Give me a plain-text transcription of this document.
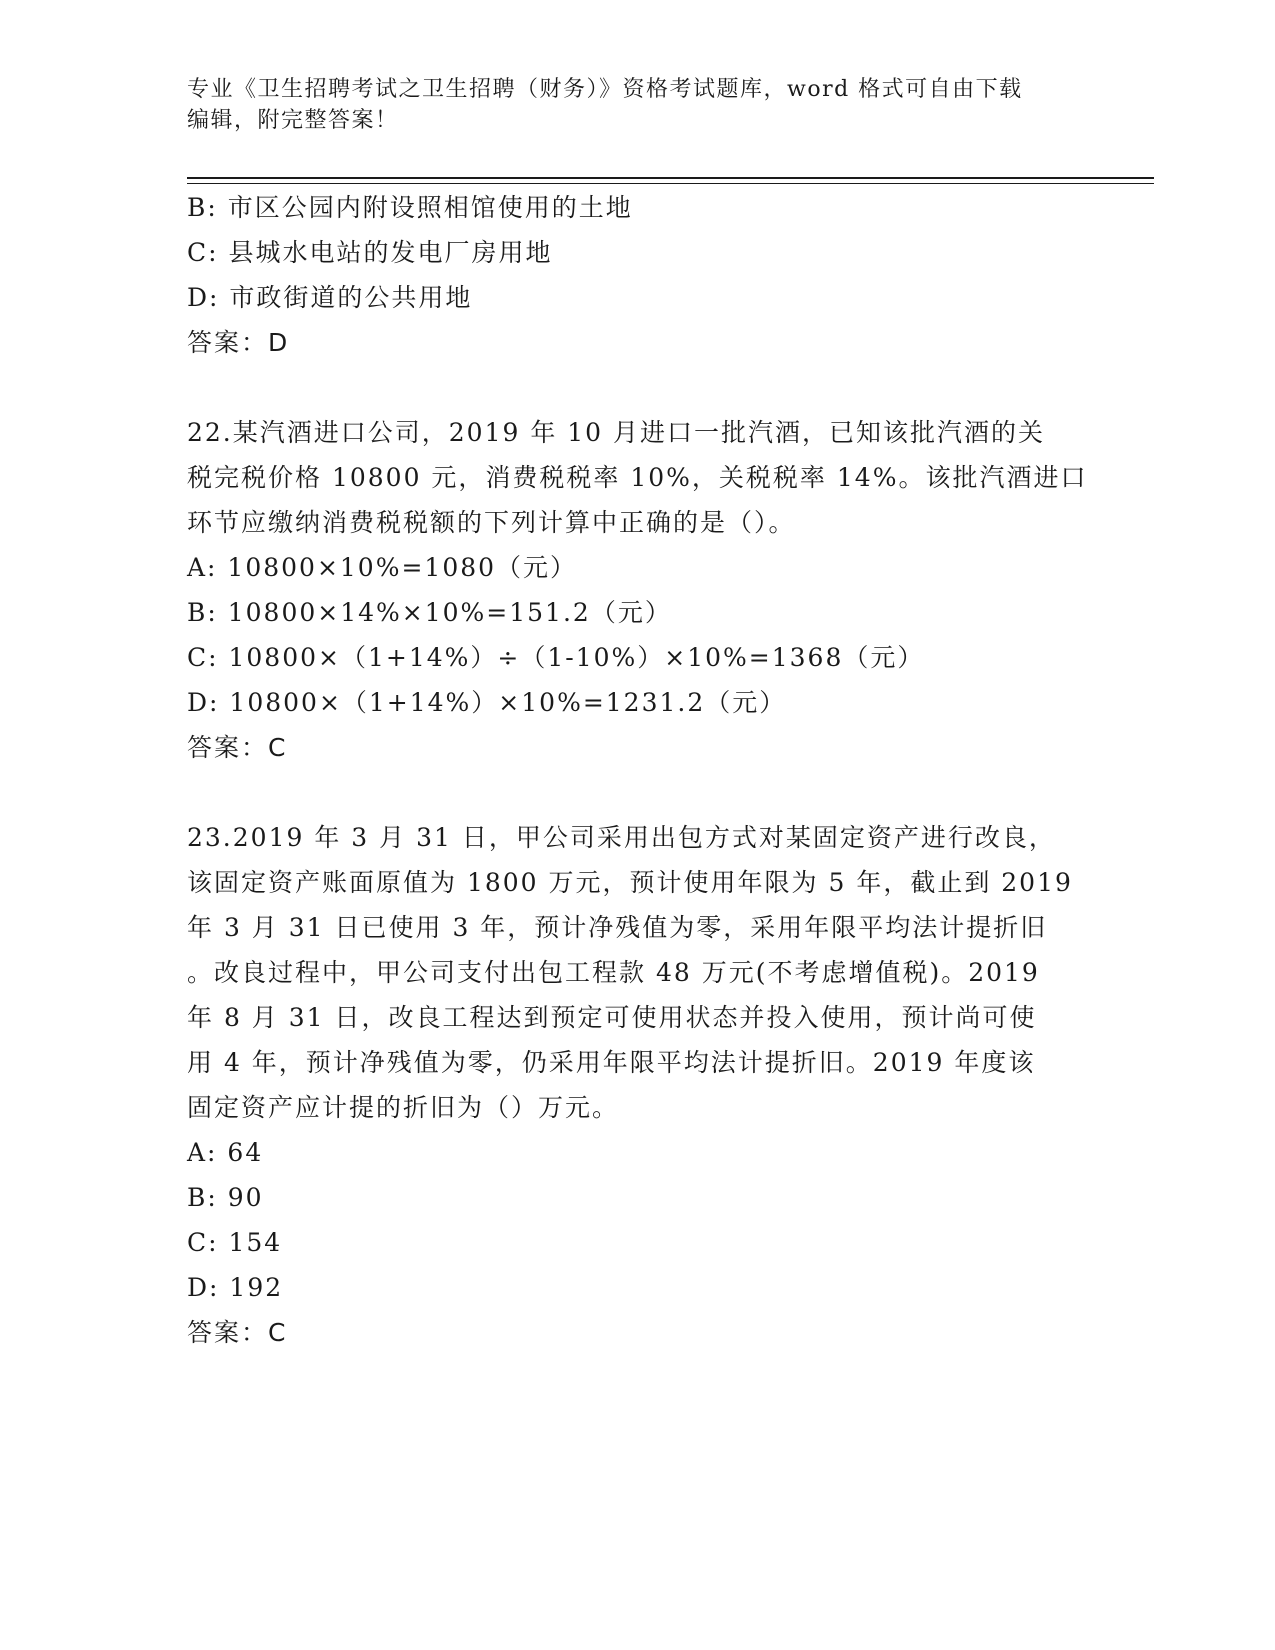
专业《卫生招聘考试之卫生招聘（财务）》资格考试题库，word 格式可自由下载
编辑，附完整答案！
B: 市区公园内附设照相馆使用的土地
C: 县城水电站的发电厂房用地
D: 市政街道的公共用地
答案：D
22.某汽酒进口公司，2019 年 10 月进口一批汽酒，已知该批汽酒的关
税完税价格 10800 元，消费税税率 10%，关税税率 14%。该批汽酒进口
环节应缴纳消费税税额的下列计算中正确的是（）。
A: 10800×10%=1080（元）
B: 10800×14%×10%=151.2（元）
C: 10800×（1+14%）÷（1-10%）×10%=1368（元）
D: 10800×（1+14%）×10%=1231.2（元）
答案：C
23.2019 年 3 月 31 日，甲公司采用出包方式对某固定资产进行改良，
该固定资产账面原值为 1800 万元，预计使用年限为 5 年，截止到 2019
年 3 月 31 日已使用 3 年，预计净残值为零，采用年限平均法计提折旧
。改良过程中，甲公司支付出包工程款 48 万元(不考虑增值税)。2019
年 8 月 31 日，改良工程达到预定可使用状态并投入使用，预计尚可使
用 4 年，预计净残值为零，仍采用年限平均法计提折旧。2019 年度该
固定资产应计提的折旧为（）万元。
A: 64
B: 90
C: 154
D: 192
答案：C
